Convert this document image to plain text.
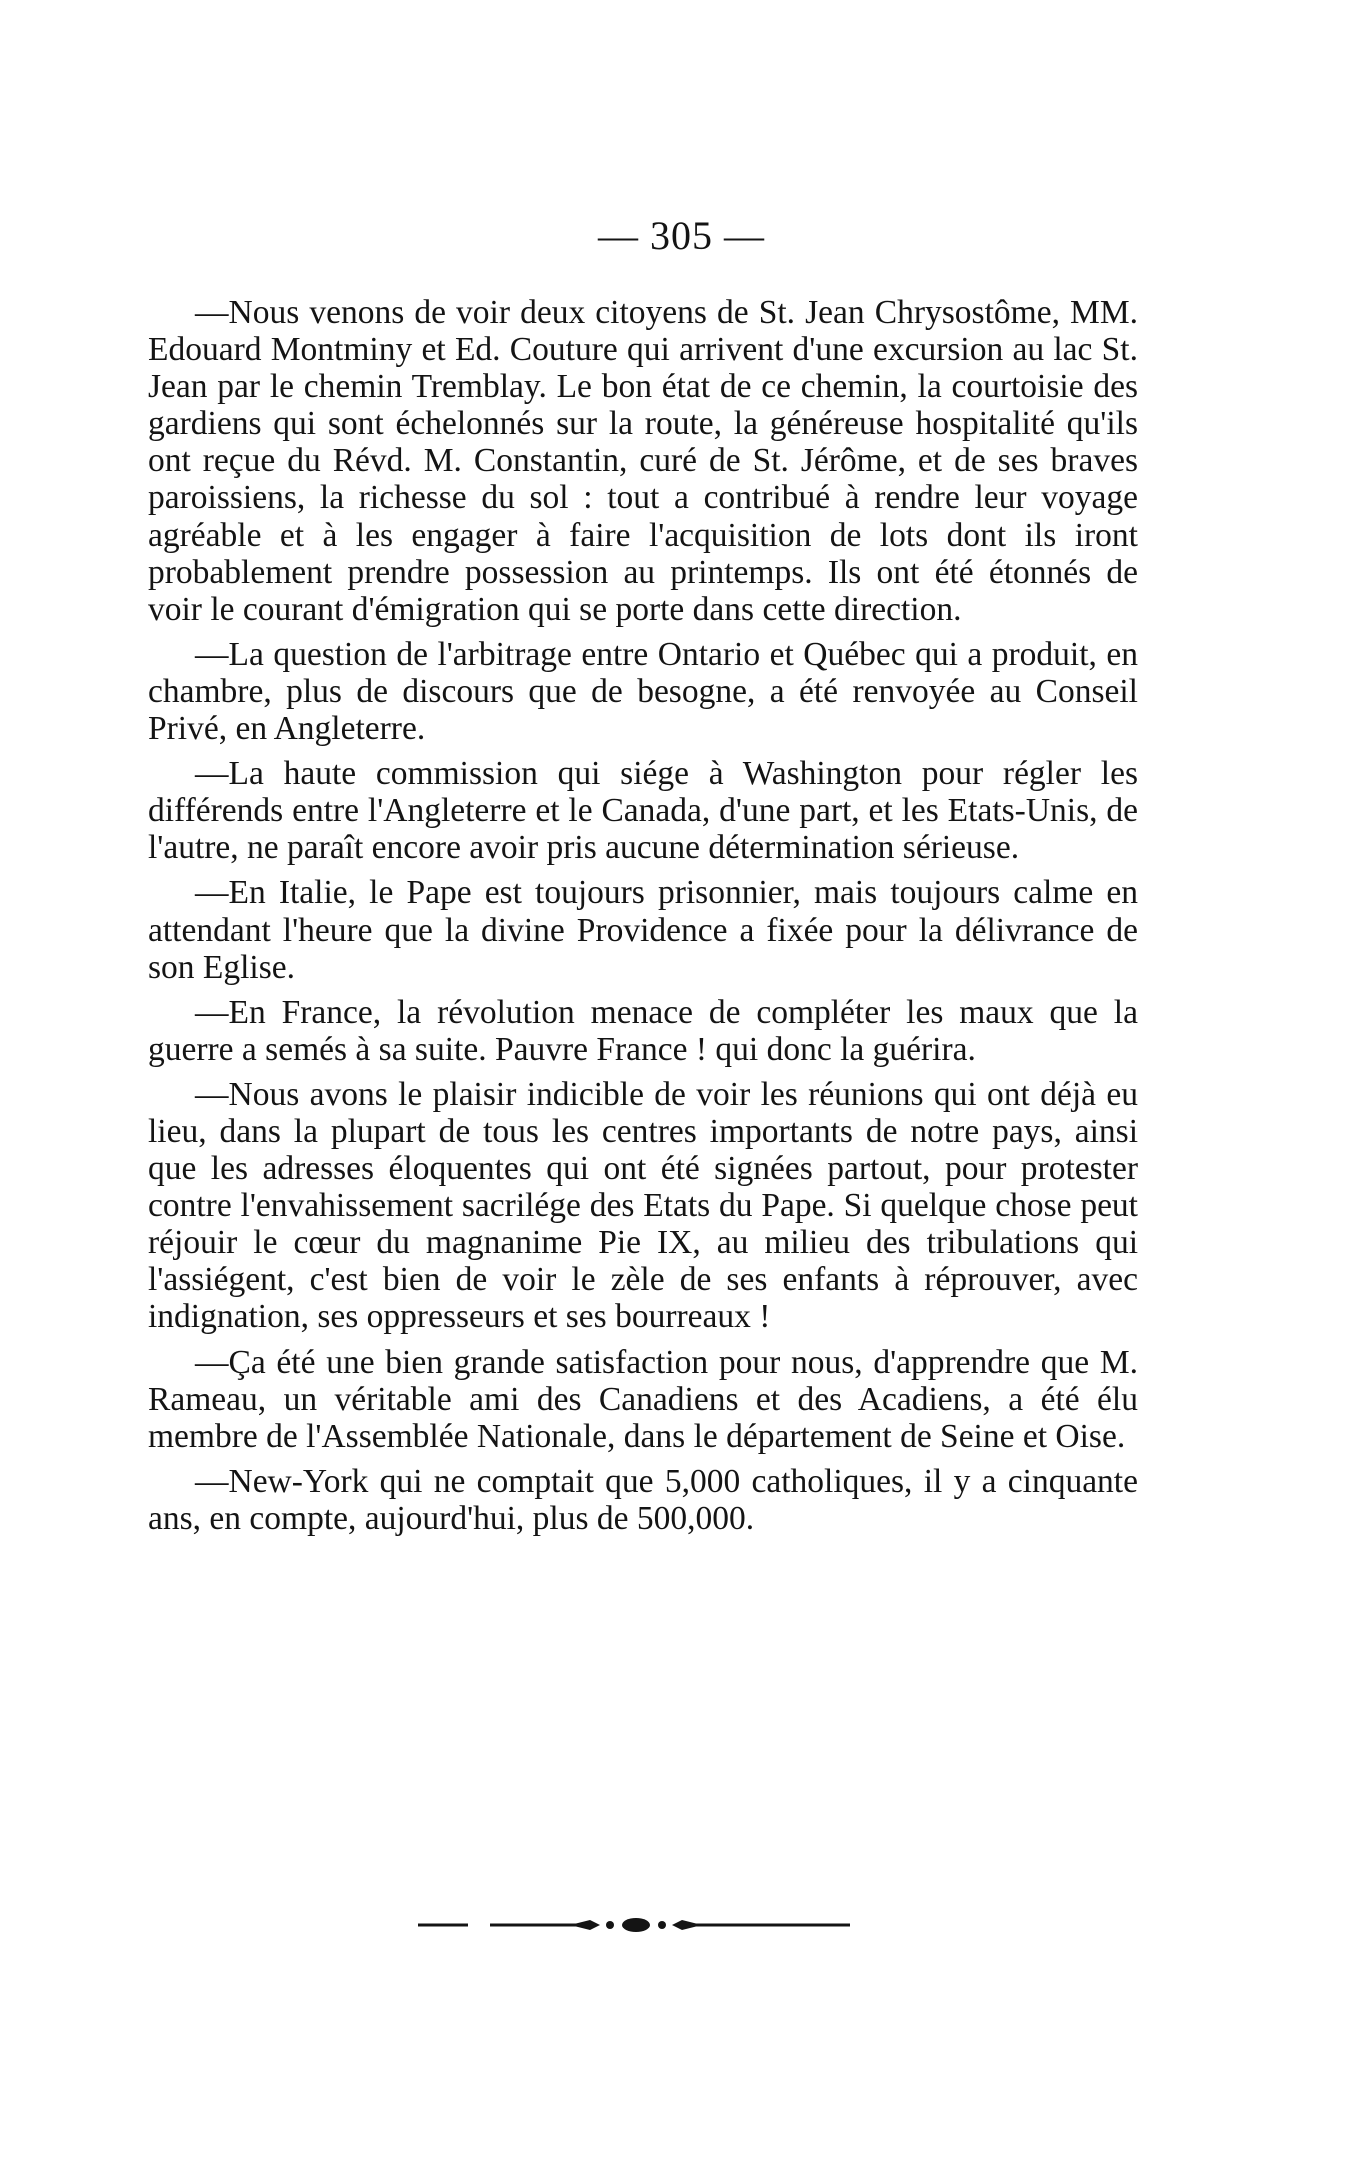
— 305 —

—Nous venons de voir deux citoyens de St. Jean Chrysostôme, MM. Edouard Montminy et Ed. Couture qui arrivent d'une excursion au lac St. Jean par le chemin Tremblay. Le bon état de ce chemin, la courtoisie des gardiens qui sont échelonnés sur la route, la généreuse hospitalité qu'ils ont reçue du Révd. M. Constantin, curé de St. Jérôme, et de ses braves paroissiens, la richesse du sol : tout a contribué à rendre leur voyage agréable et à les engager à faire l'acquisition de lots dont ils iront probablement prendre possession au printemps. Ils ont été étonnés de voir le courant d'émigration qui se porte dans cette direction.

—La question de l'arbitrage entre Ontario et Québec qui a produit, en chambre, plus de discours que de besogne, a été renvoyée au Conseil Privé, en Angleterre.

—La haute commission qui siége à Washington pour régler les différends entre l'Angleterre et le Canada, d'une part, et les Etats-Unis, de l'autre, ne paraît encore avoir pris aucune détermination sérieuse.

—En Italie, le Pape est toujours prisonnier, mais toujours calme en attendant l'heure que la divine Providence a fixée pour la délivrance de son Eglise.

—En France, la révolution menace de compléter les maux que la guerre a semés à sa suite. Pauvre France ! qui donc la guérira.

—Nous avons le plaisir indicible de voir les réunions qui ont déjà eu lieu, dans la plupart de tous les centres importants de notre pays, ainsi que les adresses éloquentes qui ont été signées partout, pour protester contre l'envahissement sacrilége des Etats du Pape. Si quelque chose peut réjouir le cœur du magnanime Pie IX, au milieu des tribulations qui l'assiégent, c'est bien de voir le zèle de ses enfants à réprouver, avec indignation, ses oppresseurs et ses bourreaux !

—Ça été une bien grande satisfaction pour nous, d'apprendre que M. Rameau, un véritable ami des Canadiens et des Acadiens, a été élu membre de l'Assemblée Nationale, dans le département de Seine et Oise.

—New-York qui ne comptait que 5,000 catholiques, il y a cinquante ans, en compte, aujourd'hui, plus de 500,000.
